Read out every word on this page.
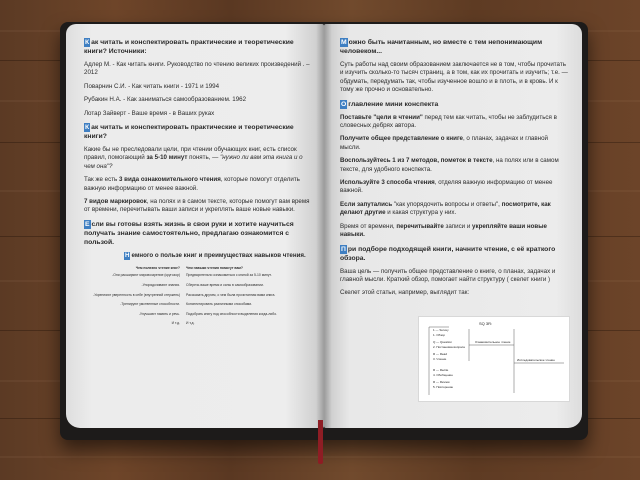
К ак читать и конспектировать практические и теоретические книги? Источники:
Адлер М. - Как читать книги. Руководство по чтению великих произведений . – 2012
Поварнин С.И. - Как читать книги - 1971 и 1994
Рубакин Н.А. - Как заниматься самообразованием. 1962
Лотар Зайверт - Ваше время - в Ваших руках
К ак читать и конспектировать практические и теоретические книги?
Какие бы не преследовали цели, при чтении обучающих книг, есть список правил, помогающий за 5-10 минут понять, — "нужно ли вам эта книга и о чем она"?
Так же есть 3 вида ознакомительного чтения, которые помогут отделить важную информацию от менее важной.
7 видов маркировок, на полях и в самом тексте, которые помогут вам время от времени, перечитывать ваши записи и укреплять ваше новые навыки.
Е сли вы готовы взять жизнь в свои руки и хотите научиться получать знание самостоятельно, предлагаю ознакомится с пользой.
Н емного о пользе книг и преимуществах навыков чтения.
Чем полезно чтение книг?
-Они расширяют мировоззрение (кругозор)
-Упорядочивают знания.
-Укрепляют уверенность в себе (внутренний стержень)
-Тренируют умственные способности.
-Улучшают память и речь.
И т.д.
Чем навыки чтения помогут вам?
Предварительно ознакомиться с книгой за 5-10 минут.
Сберечь ваше время и силы в самообразовании.
Рассказать другим, о чем была прочитанная вами книга.
Конспектировать различными способами.
Подобрать книгу под способности выделения когда-либо.
И т.д.
М ожно быть начитанным, но вместе с тем непонимающим человеком...
Суть работы над своим образованием заключается не в том, чтобы прочитать и изучить сколько-то тысяч страниц, а в том, как их прочитать и изучить; т.е. — обдумать, передумать так, чтобы изученное вошло и в плоть, и в кровь. И к тому же прочно и основательно.
О главление мини конспекта
Поставьте "цели в чтении" перед тем как читать, чтобы не заблудиться в словесных дебрях автора.
Получите общее представление о книге, о планах, задачах и главной мысли.
Воспользуйтесь 1 из 7 методов, пометок в тексте, на полях или в самом тексте, для удобного конспекта.
Используйте 3 способа чтения, отделяя важную информацию от менее важной.
Если запутались "как упорядочить вопросы и ответы", посмотрите, как делают другие и какая структура у них.
Время от времени, перечитывайте записи и укрепляйте ваши новые навыки.
П ри подборе подходящей книги, начните чтение, с её краткого обзора.
Ваша цель — получить общее представление о книге, о планах, задачах и главной мысли. Краткий обзор, помогает найти структуру ( скелет книги )
Скелет этой статьи, например, выглядит так:
SQ 3R:
1 — Survey
1. Обзор
Q — Question
2. Постановка вопроса
R — Read
3. Чтение
R — Recite
4. Обобщение
R — Review
5. Повторение
Ознакомительное чтение
Исследовательское чтение
